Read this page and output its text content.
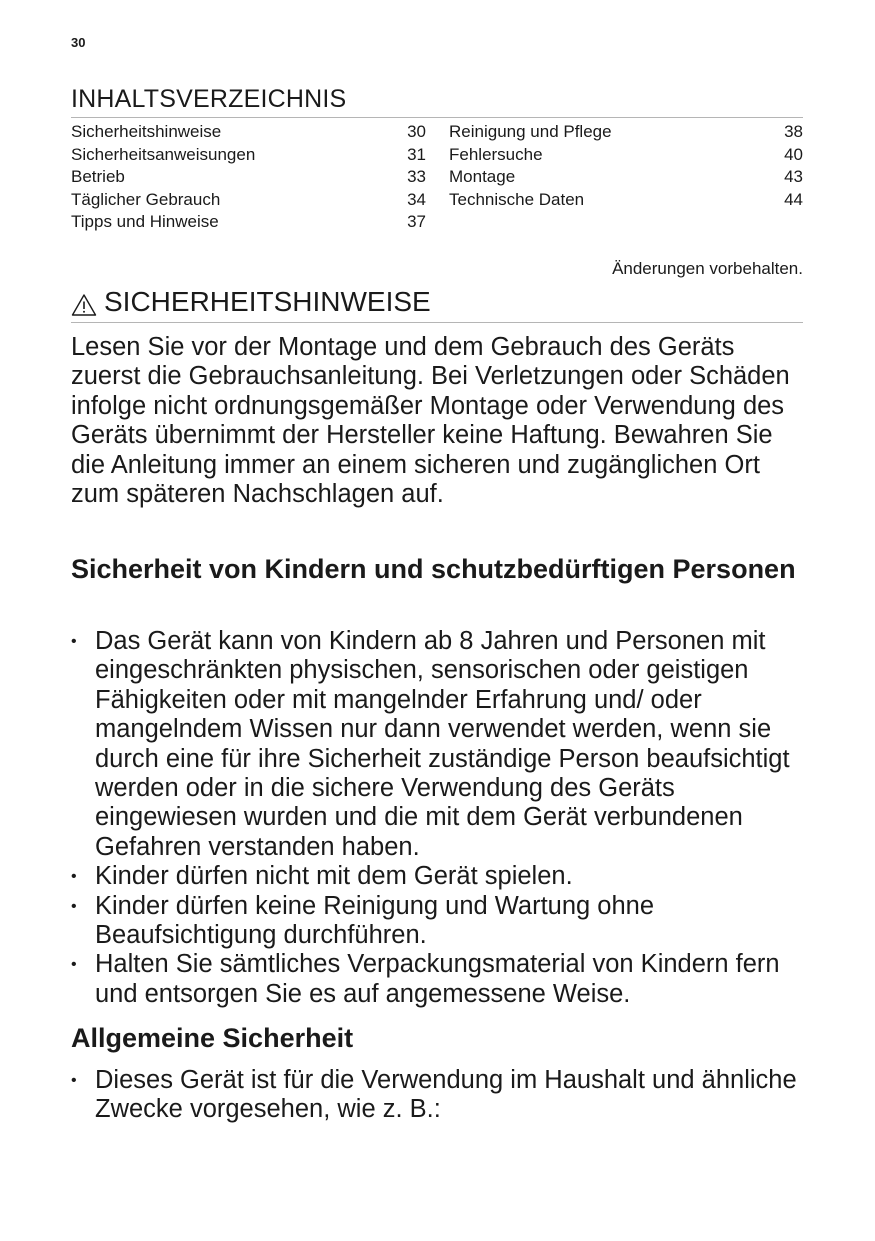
30
INHALTSVERZEICHNIS
Sicherheitshinweise	30
Sicherheitsanweisungen	31
Betrieb	33
Täglicher Gebrauch	34
Tipps und Hinweise	37
Reinigung und Pflege	38
Fehlersuche	40
Montage	43
Technische Daten	44
Änderungen vorbehalten.
SICHERHEITSHINWEISE
Lesen Sie vor der Montage und dem Gebrauch des Geräts zuerst die Gebrauchsanleitung. Bei Verletzungen oder Schäden infolge nicht ordnungsgemäßer Montage oder Verwendung des Geräts übernimmt der Hersteller keine Haftung. Bewahren Sie die Anleitung immer an einem sicheren und zugänglichen Ort zum späteren Nachschlagen auf.
Sicherheit von Kindern und schutzbedürftigen Personen
• Das Gerät kann von Kindern ab 8 Jahren und Personen mit eingeschränkten physischen, sensorischen oder geistigen Fähigkeiten oder mit mangelnder Erfahrung und/ oder mangelndem Wissen nur dann verwendet werden, wenn sie durch eine für ihre Sicherheit zuständige Person beaufsichtigt werden oder in die sichere Verwendung des Geräts eingewiesen wurden und die mit dem Gerät verbundenen Gefahren verstanden haben.
• Kinder dürfen nicht mit dem Gerät spielen.
• Kinder dürfen keine Reinigung und Wartung ohne Beaufsichtigung durchführen.
• Halten Sie sämtliches Verpackungsmaterial von Kindern fern und entsorgen Sie es auf angemessene Weise.
Allgemeine Sicherheit
• Dieses Gerät ist für die Verwendung im Haushalt und ähnliche Zwecke vorgesehen, wie z. B.:
